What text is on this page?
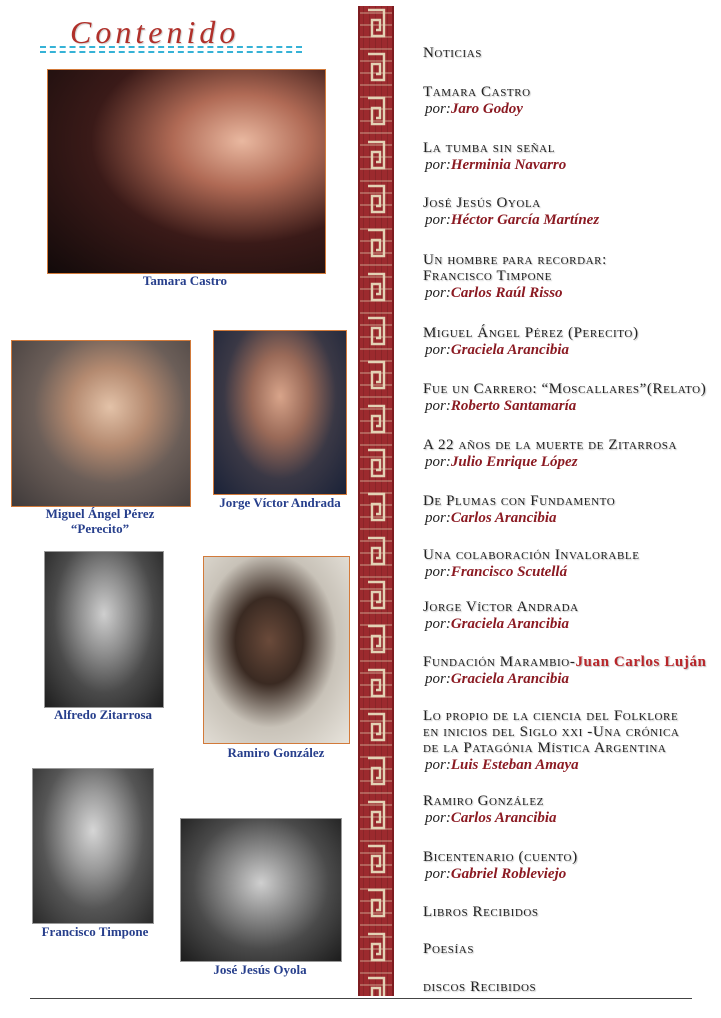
Contenido
Tamara Castro
Miguel Ángel Pérez
“Perecito”
Jorge Víctor Andrada
Alfredo Zitarrosa
Ramiro González
Francisco Timpone
José Jesús Oyola
Noticias
Tamara Castro
por:Jaro Godoy
La tumba sin señal
por:Herminia Navarro
José Jesús Oyola
por:Héctor García Martínez
Un hombre para recordar:
Francisco Timpone
por:Carlos Raúl Risso
Miguel Ángel Pérez (Perecito)
por:Graciela Arancibia
Fue un Carrero: “Moscallares”(Relato)
por:Roberto Santamaría
A 22 años de la muerte de Zitarrosa
por:Julio Enrique López
De Plumas con Fundamento
por:Carlos Arancibia
Una colaboración Invalorable
por:Francisco Scutellá
Jorge Víctor Andrada
por:Graciela Arancibia
Fundación Marambio-Juan Carlos Luján
por:Graciela Arancibia
Lo propio de la ciencia del Folklore
en inicios del Siglo xxi -Una crónica
de la Patagónia Mística Argentina
por:Luis Esteban Amaya
Ramiro González
por:Carlos Arancibia
Bicentenario (cuento)
por:Gabriel Robleviejo
Libros Recibidos
Poesías
discos Recibidos
